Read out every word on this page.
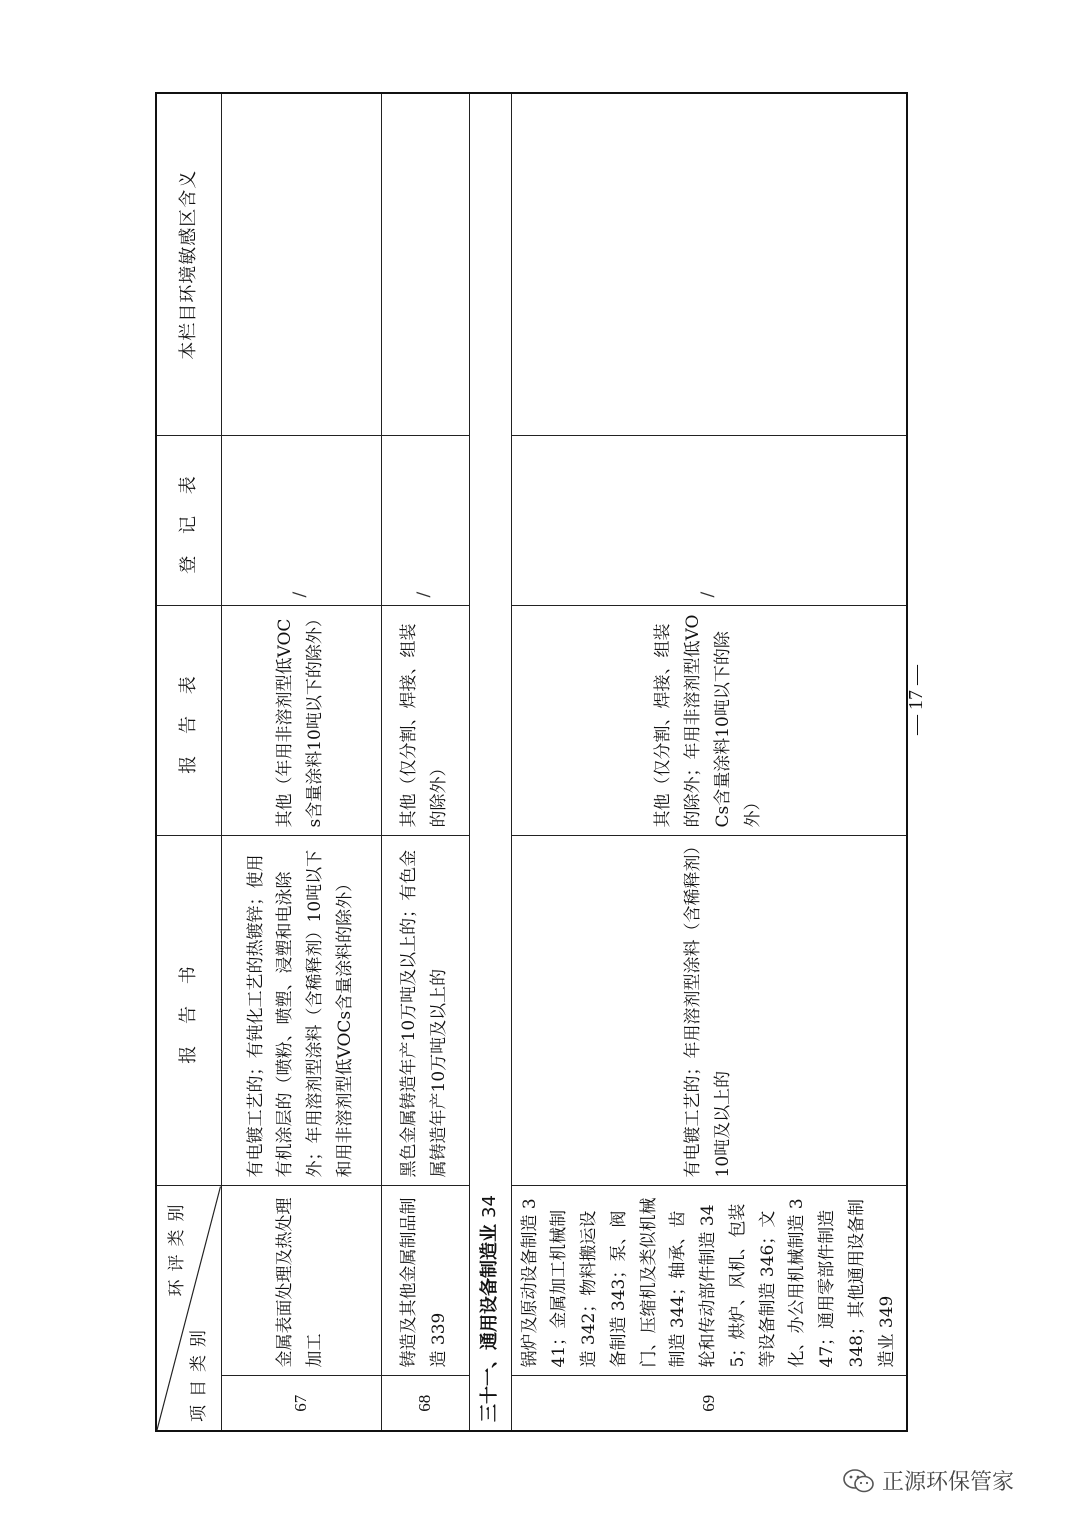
环评类别
项目类别		报 告 书	报 告 表	登 记 表	本栏目环境敏感区含义
67	金属表面处理及热处理加工	有电镀工艺的；有钝化工艺的热镀锌；使用有机涂层的（喷粉、喷塑、浸塑和电泳除外；年用溶剂型涂料（含稀释剂）10吨以下和用非溶剂型低VOCs含量涂料的除外）	其他（年用非溶剂型低VOCs含量涂料10吨以下的除外）	/	
68	铸造及其他金属制品制造 339	黑色金属铸造年产10万吨及以上的；有色金属铸造年产10万吨及以上的	其他（仅分割、焊接、组装的除外）	/	
三十一、通用设备制造业34					
69	锅炉及原动设备制造 341；金属加工机械制造 342；物料搬运设备制造 343；泵、阀门、压缩机及类似机械制造 344；轴承、齿轮和传动部件制造 345；烘炉、风机、包装等设备制造 346；文化、办公用机械制造 347；通用零部件制造 348；其他通用设备制造业 349	有电镀工艺的；年用溶剂型涂料（含稀释剂）10吨及以上的	其他（仅分割、焊接、组装的除外；年用非溶剂型低VOCs含量涂料10吨以下的除外）	/	
— 17 —
正源环保管家
